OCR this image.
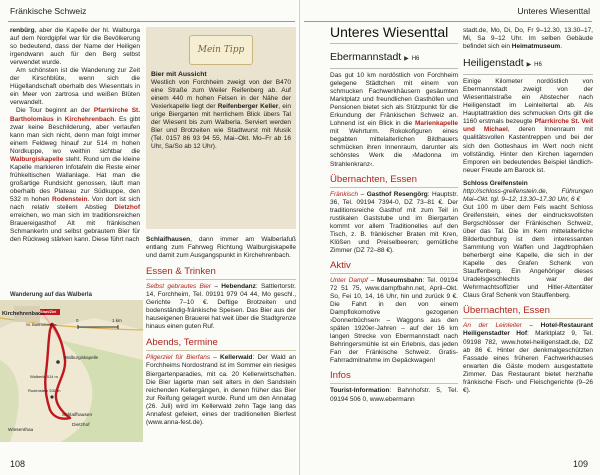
Fränkische Schweiz

renbürg, aber die Kapelle der hl. Walburga auf dem Nordgipfel war für die Bevölkerung so bedeutend, dass der Name der Heiligen irgendwann auch für den Berg selbst verwendet wurde.

Am schönsten ist die Wanderung zur Zeit der Kirschblüte, wenn sich die Hügellandschaft oberhalb des Wiesenttals in ein Meer von zartrosa und weißen Blüten verwandelt.

Die Tour beginnt an der Pfarrkirche St. Bartholomäus in Kirchehrenbach. Es gibt zwar keine Beschilderung, aber verlaufen kann man sich nicht, denn man folgt immer einem Feldweg hinauf zur 514 m hohen Nordkuppe, wo weithin sichtbar die Walburgiskapelle steht. Rund um die kleine Kapelle markieren Infotafeln die Reste einer frühkeltischen Wallanlage. Hat man die großartige Rundsicht genossen, läuft man oberhalb des Plateau zur Südkuppe, den 532 m hohen Rodenstein. Von dort ist sich nach relativ steilem Abstieg Dietzhof erreichen, wo man sich im traditionsreichen Brauereigasthof Alt mit fränkischen Schmankerln und selbst gebrautem Bier für den Rückweg stärken kann. Diese führt nach

Wanderung auf das Walberla
Kirchehrenbach
Start/Ziel
St. Bartholomäus
0	1 km
Walburgiskapelle
Walberla 514 m
Rodenstein 532 m
Schlaifhausen
Dietzhof
Wiesenthau
Mein Tipp
Bier mit Aussicht
Westlich von Forchheim zweigt von der B470 eine Straße zum Weiler Reifenberg ab. Auf einem 440 m hohen Felsen in der Nähe der Vexierkapelle liegt der Reifenberger Keller, ein urige Biergarten mit herrlichem Blick übers Tal der Wiesent bis zum Walberla. Serviert werden Bier und Brotzeiten wie Stadtwurst mit Musik (Tel. 0157 86 93 94 55, Mai–Okt. Mo–Fr ab 16 Uhr, Sa/So ab 12 Uhr).

Schlaifhausen, dann immer am Walberlafuß entlang zum Fahrweg Richtung Walburgiskapelle und damit zum Ausgangspunkt in Kirchehrenbach.

Essen & Trinken

Selbst gebrautes Bier – Hebendanz: Sattlertorstr. 14, Forchheim, Tel. 09191 979 04 44, Mo geschl., Gerichte 7–10 €. Deftige Brotzeiten und bodenständig-fränkische Speisen. Das Bier aus der hauseigenen Brauerei hat weit über die Stadtgrenze hinaus einen guten Ruf.

Abends, Termine

Pilgerziel für Bierfans – Kellerwald: Der Wald an Forchheims Nordostrand ist im Sommer ein riesiges Biergartenparadies, mit ca. 20 Kellerwirtschaften. Die Bier lagerte man seit alters in den Sandstein reichenden Kellergängen, in denen früher das Bier zur Reifung gelagert wurde. Rund um den Annatag (26. Juli) wird im Kellerwald zehn Tage lang das Annafest gefeiert, eines der traditionellen Bierfest (www.anna-fest.de).

108
Unteres Wiesenttal
Unteres Wiesenttal
Ebermannstadt ▶ H6

Das gut 10 km nordöstlich von Forchheim gelegene Städtchen mit einem von schmucken Fachwerkhäusern gesäumten Marktplatz und freundlichen Gasthöfen und Pensionen bietet sich als Stützpunkt für die Erkundung der Fränkischen Schweiz an. Lohnend ist ein Blick in die Marienkapelle mit Wehrturm. Rokokofiguren eines begabten mittelalterlichen Bildhauers schmücken ihren Innenraum, darunter als schönstes Werk die ›Madonna im Strahlenkranz‹.

Übernachten, Essen

Fränkisch – Gasthof Resengörg: Hauptstr. 36, Tel. 09194 7394-0, DZ 73–81 €. Der traditionsreiche Gasthof mit zum Teil in rustikalen Gaststube und im Biergarten kommt vor allem Traditionelles auf den Tisch, z. B. fränkischer Braten mit Kren, Klößen und Preiselbeeren; gemütliche Zimmer (DZ 72–88 €).

Aktiv

Unter Dampf – Museumsbahn: Tel. 09194 72 51 75, www.dampfbahn.net, April–Okt. So, Fei 10, 14, 16 Uhr, hin und zurück 9 €. Die Fahrt in den von einem Dampflokomotive gezogenen ›Donnerbüchsen‹ – Waggons aus den späten 1920er-Jahren – auf der 16 km langen Strecke von Ebermannstadt nach Behringersmühle ist ein Erlebnis, das jeden Fan der Fränkische Schweiz. Gratis-Fahrradmitnahme im Gepäckwagen!

Infos

Tourist-Information: Bahnhofstr. 5, Tel. 09194 506 0, www.ebermann

stadt.de, Mo, Di, Do, Fr 9–12.30, 13.30–17, Mi, Sa 9–12 Uhr. Im selben Gebäude befindet sich ein Heimatmuseum.

Heiligenstadt ▶ H6

Einige Kilometer nordöstlich von Ebermannstadt zweigt von der Wiesenttalstraße ein Abstecher nach Heiligenstadt im Leinleitertal ab. Als Hauptattraktion des schmucken Orts gilt die 1160 erstmals bezeugte Pfarrkirche St. Veit und Michael, deren Innenraum mit qualitätsvollen Kastentreppen und bei der sich den Gotteshaus im Wert noch nicht vollständig. Hinter den Kirchen lagernden Emporen ein bedeutendes Beispiel ländlich-neuer Freude am Barock ist.

Schloss Greifenstein

http://schloss-greifenstein.de, Führungen Mai–Okt. tgl. 9–12, 13.30–17.30 Uhr, 6 €

Gut 100 m über dem Fels wacht Schloss Greifenstein, eines der eindrucksvollsten Bergschlösser der Fränkischen Schweiz, über das Tal. Die im Kern mittelalterliche Bilderbuchburg ist dem interessanten Sammlung von Waffen und Jagdtrophäen beherbergt eine Kapelle, die sich in der Kapelle des Grafen Schenk von Stauffenberg. Ein Angehöriger dieses Uradelsgeschlechts war der Wehrmachtsoffizier und Hitler-Attentäter Claus Graf Schenk von Stauffenberg.

Übernachten, Essen

An der Leinleiter – Hotel-Restaurant Heiligenstadter Hof: Marktplatz 9, Tel. 09198 782, www.hotel-heiligenstadt.de, DZ ab 86 €. Hinter der denkmalgeschützten Fassade eines früheren Fachwerkhauses erwarten die Gäste modern ausgestattete Zimmer. Das Restaurant bietet herzhafte fränkische Fisch- und Fleischgerichte (9–26 €).

109
